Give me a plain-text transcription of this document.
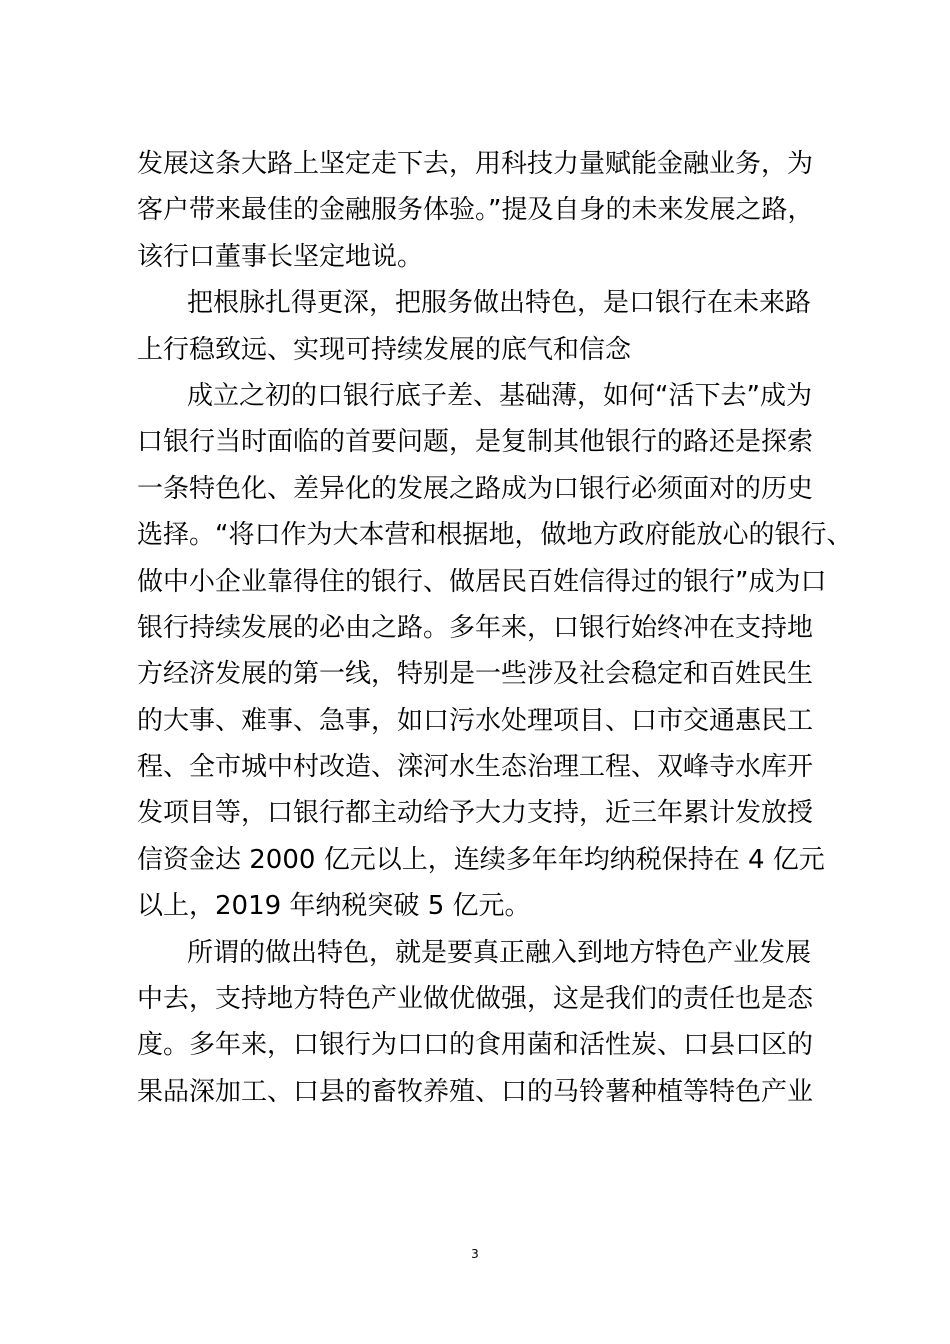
发展这条大路上坚定走下去，用科技力量赋能金融业务，为
客户带来最佳的金融服务体验。”提及自身的未来发展之路，
该行口董事长坚定地说。
把根脉扎得更深，把服务做出特色，是口银行在未来路
上行稳致远、实现可持续发展的底气和信念
成立之初的口银行底子差、基础薄，如何“活下去”成为
口银行当时面临的首要问题，是复制其他银行的路还是探索
一条特色化、差异化的发展之路成为口银行必须面对的历史
选择。“将口作为大本营和根据地，做地方政府能放心的银行、
做中小企业靠得住的银行、做居民百姓信得过的银行”成为口
银行持续发展的必由之路。多年来，口银行始终冲在支持地
方经济发展的第一线，特别是一些涉及社会稳定和百姓民生
的大事、难事、急事，如口污水处理项目、口市交通惠民工
程、全市城中村改造、滦河水生态治理工程、双峰寺水库开
发项目等，口银行都主动给予大力支持，近三年累计发放授
信资金达 2000 亿元以上，连续多年年均纳税保持在 4 亿元
以上，2019 年纳税突破 5 亿元。
所谓的做出特色，就是要真正融入到地方特色产业发展
中去，支持地方特色产业做优做强，这是我们的责任也是态
度。多年来，口银行为口口的食用菌和活性炭、口县口区的
果品深加工、口县的畜牧养殖、口的马铃薯种植等特色产业
3
